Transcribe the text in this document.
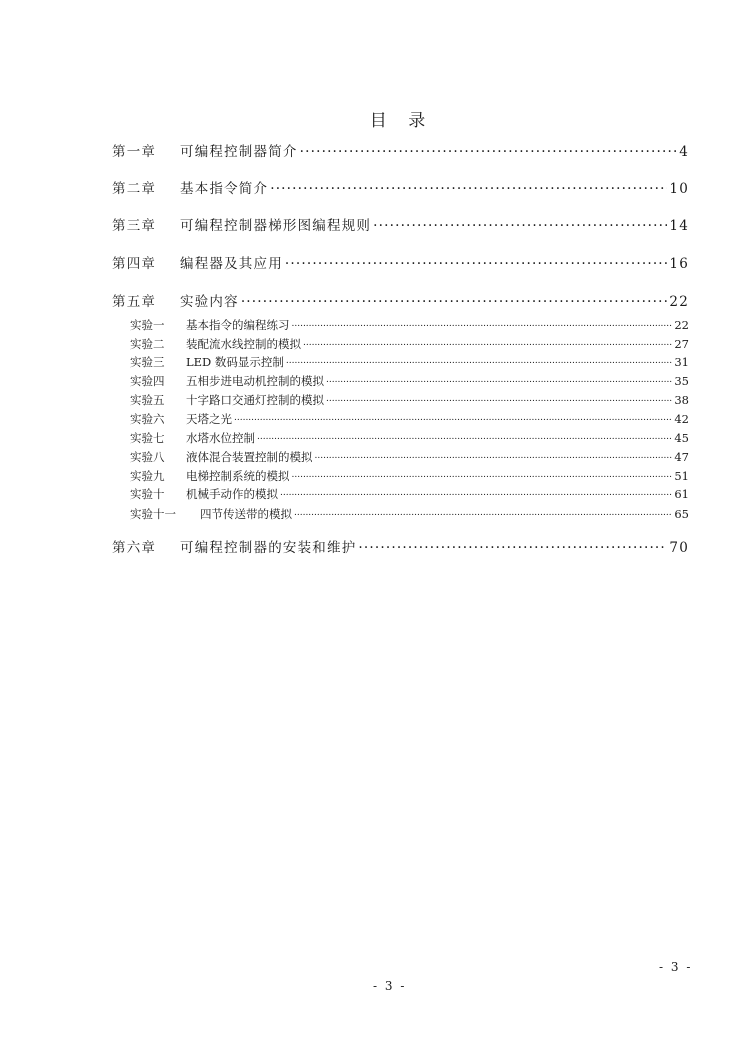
目 录
第一章 可编程控制器简介 .....	4
第二章 基本指令简介 .....	10
第三章 可编程控制器梯形图编程规则 .....	14
第四章 编程器及其应用 .....	16
第五章 实验内容 .....	22
实验一 基本指令的编程练习 .....	22
实验二 装配流水线控制的模拟 .....	27
实验三 LED 数码显示控制 .....	31
实验四 五相步进电动机控制的模拟 .....	35
实验五 十字路口交通灯控制的模拟 .....	38
实验六 天塔之光 .....	42
实验七 水塔水位控制 .....	45
实验八 液体混合装置控制的模拟 .....	47
实验九 电梯控制系统的模拟 .....	51
实验十 机械手动作的模拟 .....	61
实验十一 四节传送带的模拟 .....	65
第六章 可编程控制器的安装和维护 .....	70
- 3 -
- 3 -
